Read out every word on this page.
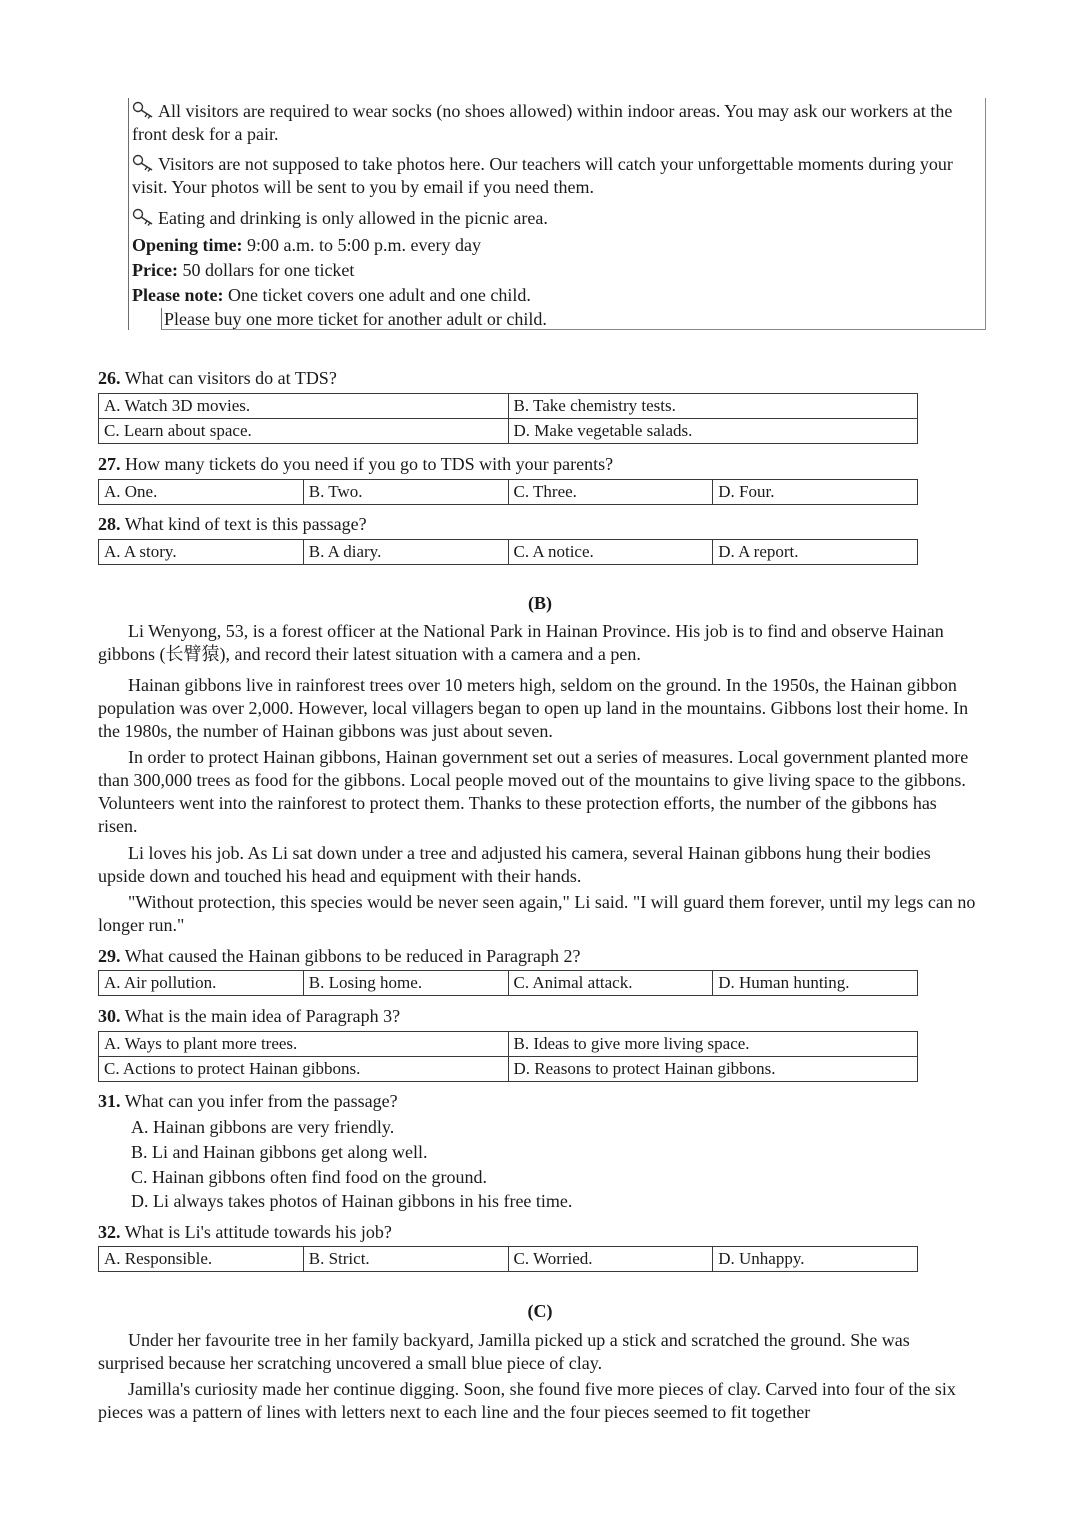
All visitors are required to wear socks (no shoes allowed) within indoor areas. You may ask our workers at the front desk for a pair.

Visitors are not supposed to take photos here. Our teachers will catch your unforgettable moments during your visit. Your photos will be sent to you by email if you need them.

Eating and drinking is only allowed in the picnic area.

Opening time: 9:00 a.m. to 5:00 p.m. every day

Price: 50 dollars for one ticket

Please note: One ticket covers one adult and one child.

Please buy one more ticket for another adult or child.

26. What can visitors do at TDS?

A. Watch 3D movies.	B. Take chemistry tests.
C. Learn about space.	D. Make vegetable salads.

27. How many tickets do you need if you go to TDS with your parents?

A. One.	B. Two.	C. Three.	D. Four.

28. What kind of text is this passage?

A. A story.	B. A diary.	C. A notice.	D. A report.

(B)

Li Wenyong, 53, is a forest officer at the National Park in Hainan Province. His job is to find and observe Hainan gibbons (长臂猿), and record their latest situation with a camera and a pen.

Hainan gibbons live in rainforest trees over 10 meters high, seldom on the ground. In the 1950s, the Hainan gibbon population was over 2,000. However, local villagers began to open up land in the mountains. Gibbons lost their home. In the 1980s, the number of Hainan gibbons was just about seven.

In order to protect Hainan gibbons, Hainan government set out a series of measures. Local government planted more than 300,000 trees as food for the gibbons. Local people moved out of the mountains to give living space to the gibbons. Volunteers went into the rainforest to protect them. Thanks to these protection efforts, the number of the gibbons has risen.

Li loves his job. As Li sat down under a tree and adjusted his camera, several Hainan gibbons hung their bodies upside down and touched his head and equipment with their hands.

"Without protection, this species would be never seen again," Li said. "I will guard them forever, until my legs can no longer run."

29. What caused the Hainan gibbons to be reduced in Paragraph 2?

A. Air pollution.	B. Losing home.	C. Animal attack.	D. Human hunting.

30. What is the main idea of Paragraph 3?

A. Ways to plant more trees.	B. Ideas to give more living space.
C. Actions to protect Hainan gibbons.	D. Reasons to protect Hainan gibbons.

31. What can you infer from the passage?

A. Hainan gibbons are very friendly.

B. Li and Hainan gibbons get along well.

C. Hainan gibbons often find food on the ground.

D. Li always takes photos of Hainan gibbons in his free time.

32. What is Li's attitude towards his job?

A. Responsible.	B. Strict.	C. Worried.	D. Unhappy.

(C)

Under her favourite tree in her family backyard, Jamilla picked up a stick and scratched the ground. She was surprised because her scratching uncovered a small blue piece of clay.

Jamilla's curiosity made her continue digging. Soon, she found five more pieces of clay. Carved into four of the six pieces was a pattern of lines with letters next to each line and the four pieces seemed to fit together
